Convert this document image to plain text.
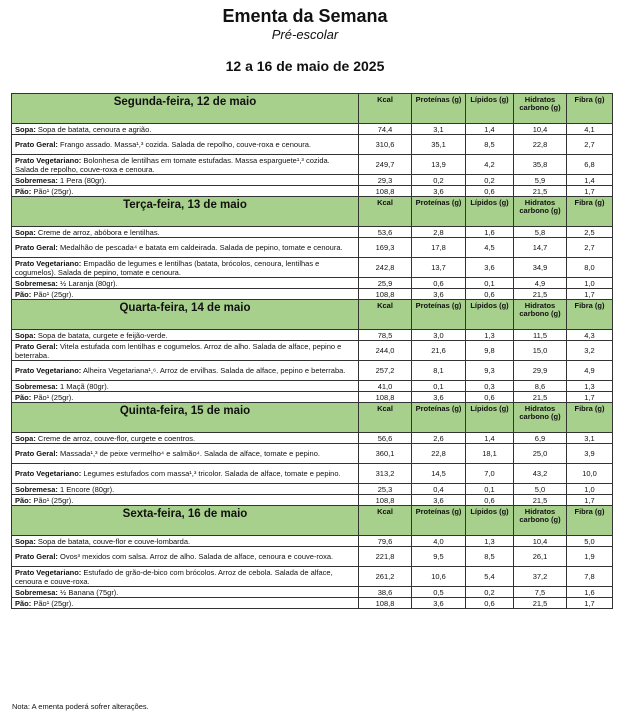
Ementa da Semana
Pré-escolar
12 a 16 de maio de 2025
Segunda-feira, 12 de maio	Kcal	Proteínas (g)	Lípidos (g)	Hidratos carbono (g)	Fibra (g)
Sopa: Sopa de batata, cenoura e agrião.	74,4	3,1	1,4	10,4	4,1
Prato Geral: Frango assado. Massa¹,³ cozida. Salada de repolho, couve-roxa e cenoura.	310,6	35,1	8,5	22,8	2,7
Prato Vegetariano: Bolonhesa de lentilhas em tomate estufadas. Massa esparguete¹,³ cozida. Salada de repolho, couve-roxa e cenoura.	249,7	13,9	4,2	35,8	6,8
Sobremesa: 1 Pera (80gr).	29,3	0,2	0,2	5,9	1,4
Pão: Pão¹ (25gr).	108,8	3,6	0,6	21,5	1,7
Terça-feira, 13 de maio	Kcal	Proteínas (g)	Lípidos (g)	Hidratos carbono (g)	Fibra (g)
Sopa: Creme de arroz, abóbora e lentilhas.	53,6	2,8	1,6	5,8	2,5
Prato Geral: Medalhão de pescada⁴ e batata em caldeirada. Salada de pepino, tomate e cenoura.	169,3	17,8	4,5	14,7	2,7
Prato Vegetariano: Empadão de legumes e lentilhas (batata, brócolos, cenoura, lentilhas e cogumelos). Salada de pepino, tomate e cenoura.	242,8	13,7	3,6	34,9	8,0
Sobremesa: ½ Laranja (80gr).	25,9	0,6	0,1	4,9	1,0
Pão: Pão¹ (25gr).	108,8	3,6	0,6	21,5	1,7
Quarta-feira, 14 de maio	Kcal	Proteínas (g)	Lípidos (g)	Hidratos carbono (g)	Fibra (g)
Sopa: Sopa de batata, curgete e feijão-verde.	78,5	3,0	1,3	11,5	4,3
Prato Geral: Vitela estufada com lentilhas e cogumelos. Arroz de alho. Salada de alface, pepino e beterraba.	244,0	21,6	9,8	15,0	3,2
Prato Vegetariano: Alheira Vegetariana¹,⁶. Arroz de ervilhas. Salada de alface, pepino e beterraba.	257,2	8,1	9,3	29,9	4,9
Sobremesa: 1 Maçã (80gr).	41,0	0,1	0,3	8,6	1,3
Pão: Pão¹ (25gr).	108,8	3,6	0,6	21,5	1,7
Quinta-feira, 15 de maio	Kcal	Proteínas (g)	Lípidos (g)	Hidratos carbono (g)	Fibra (g)
Sopa: Creme de arroz, couve-flor, curgete e coentros.	56,6	2,6	1,4	6,9	3,1
Prato Geral: Massada¹,³ de peixe vermelho⁴ e salmão⁴. Salada de alface, tomate e pepino.	360,1	22,8	18,1	25,0	3,9
Prato Vegetariano: Legumes estufados com massa¹,³ tricolor. Salada de alface, tomate e pepino.	313,2	14,5	7,0	43,2	10,0
Sobremesa: 1 Encore (80gr).	25,3	0,4	0,1	5,0	1,0
Pão: Pão¹ (25gr).	108,8	3,6	0,6	21,5	1,7
Sexta-feira, 16 de maio	Kcal	Proteínas (g)	Lípidos (g)	Hidratos carbono (g)	Fibra (g)
Sopa: Sopa de batata, couve-flor e couve-lombarda.	79,6	4,0	1,3	10,4	5,0
Prato Geral: Ovos³ mexidos com salsa. Arroz de alho. Salada de alface, cenoura e couve-roxa.	221,8	9,5	8,5	26,1	1,9
Prato Vegetariano: Estufado de grão-de-bico com brócolos. Arroz de cebola. Salada de alface, cenoura e couve-roxa.	261,2	10,6	5,4	37,2	7,8
Sobremesa: ½ Banana (75gr).	38,6	0,5	0,2	7,5	1,6
Pão: Pão¹ (25gr).	108,8	3,6	0,6	21,5	1,7
Nota: A ementa poderá sofrer alterações.
